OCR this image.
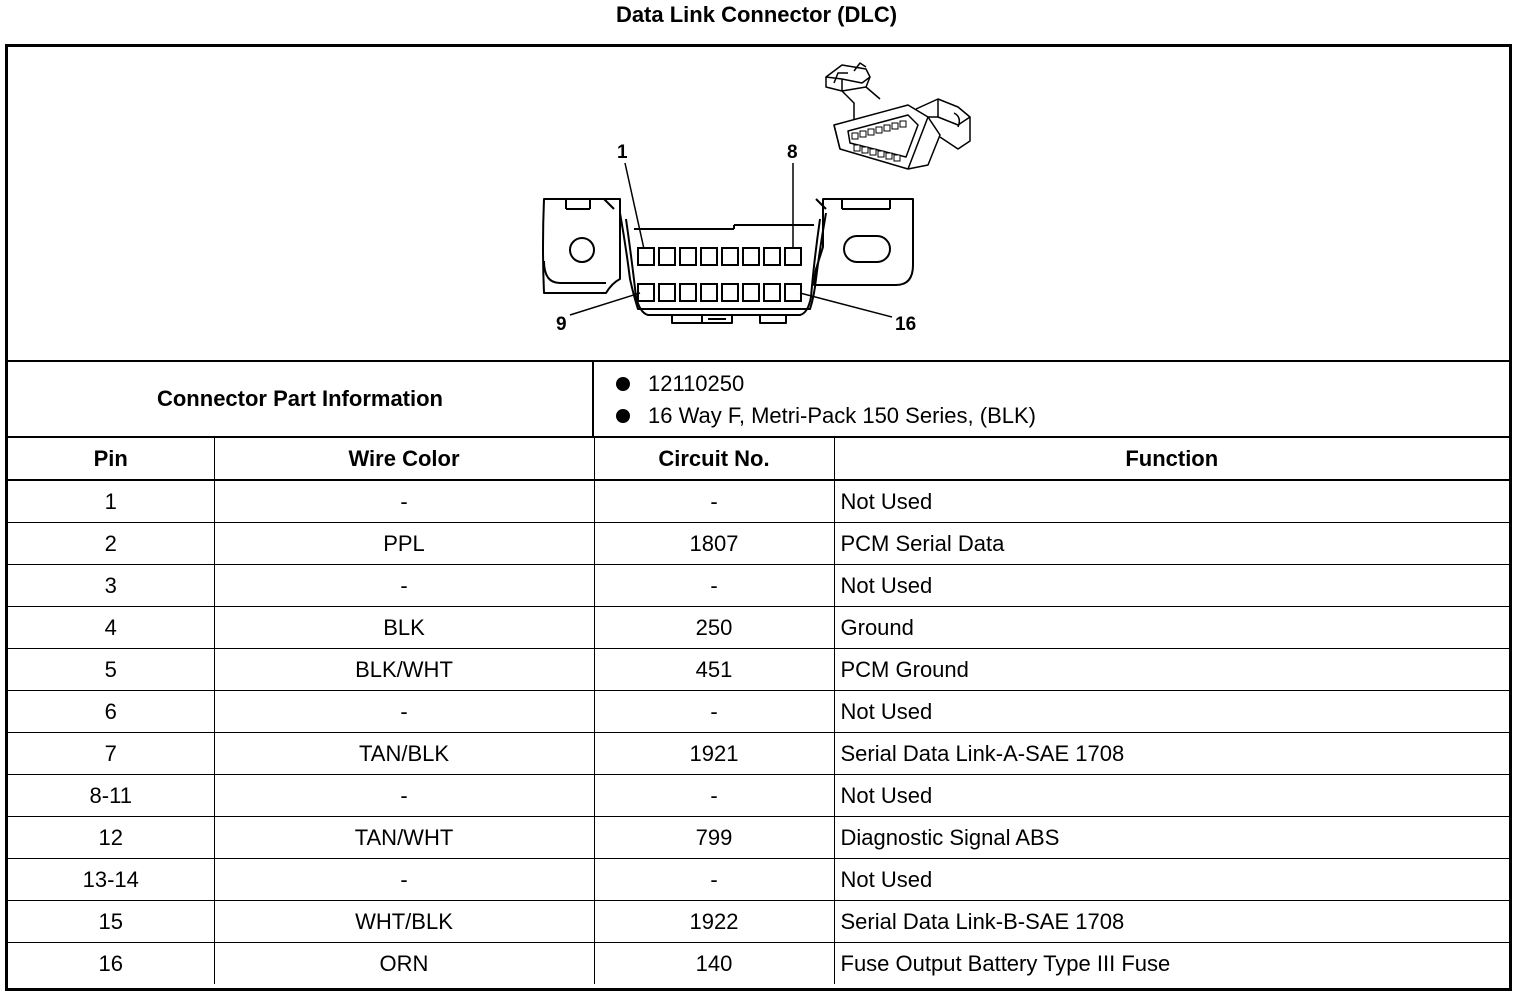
Data Link Connector (DLC)
1	8
9	16
Connector Part Information
12110250
16 Way F, Metri-Pack 150 Series, (BLK)
Pin	Wire Color	Circuit No.	Function
1	-	-	Not Used
2	PPL	1807	PCM Serial Data
3	-	-	Not Used
4	BLK	250	Ground
5	BLK/WHT	451	PCM Ground
6	-	-	Not Used
7	TAN/BLK	1921	Serial Data Link-A-SAE 1708
8-11	-	-	Not Used
12	TAN/WHT	799	Diagnostic Signal ABS
13-14	-	-	Not Used
15	WHT/BLK	1922	Serial Data Link-B-SAE 1708
16	ORN	140	Fuse Output Battery Type III Fuse
